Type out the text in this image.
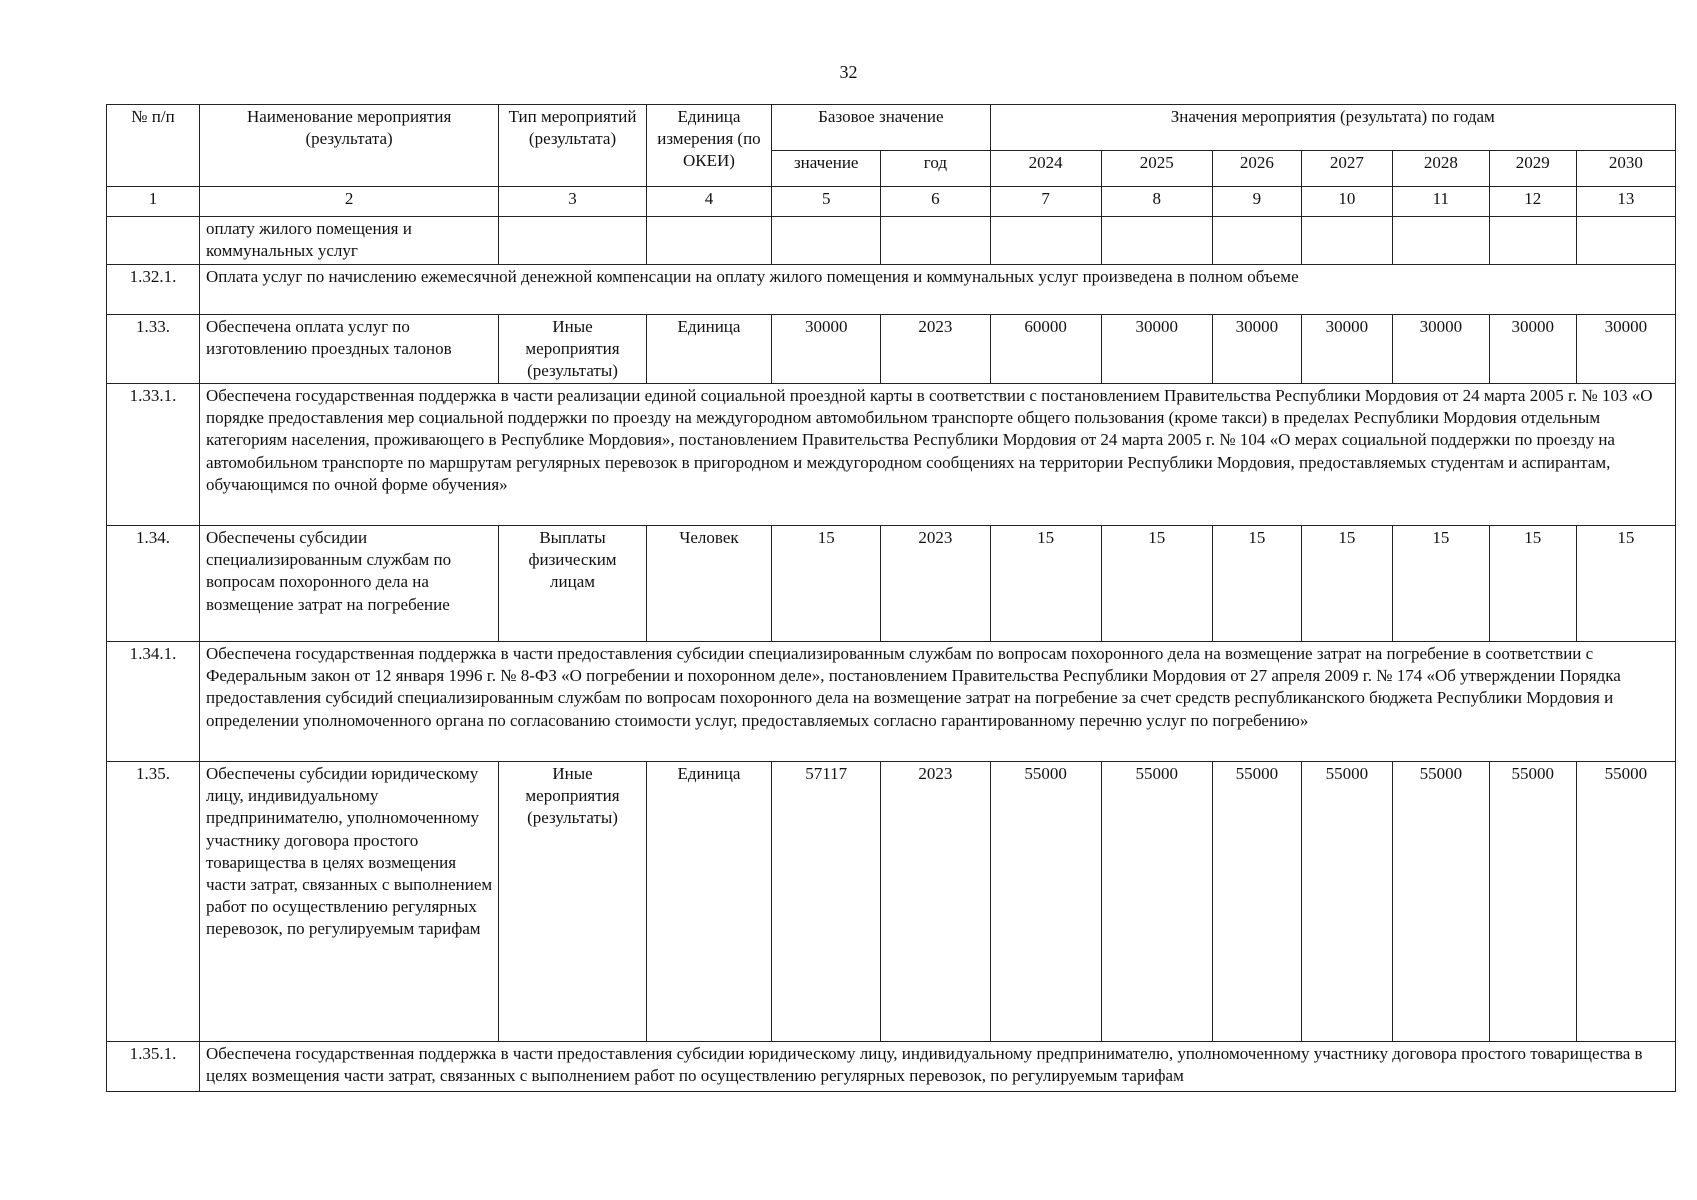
32
№ п/п	Наименование мероприятия (результата)	Тип мероприятий (результата)	Единица измерения (по ОКЕИ)	Базовое значение		Значения мероприятия (результата) по годам						
				значение	год	2024	2025	2026	2027	2028	2029	2030
1	2	3	4	5	6	7	8	9	10	11	12	13
	оплату жилого помещения и коммунальных услуг											
1.32.1.	Оплата услуг по начислению ежемесячной денежной компенсации на оплату жилого помещения и коммунальных услуг произведена в полном объеме											
1.33.	Обеспечена оплата услуг по изготовлению проездных талонов	Иные мероприятия (результаты)	Единица	30000	2023	60000	30000	30000	30000	30000	30000	30000
1.33.1.	Обеспечена государственная поддержка в части реализации единой социальной проездной карты в соответствии с постановлением Правительства Республики Мордовия от 24 марта 2005 г. № 103 «О порядке предоставления мер социальной поддержки по проезду на междугородном автомобильном транспорте общего пользования (кроме такси) в пределах Республики Мордовия отдельным категориям населения, проживающего в Республике Мордовия», постановлением Правительства Республики Мордовия от 24 марта 2005 г. № 104 «О мерах социальной поддержки по проезду на автомобильном транспорте по маршрутам регулярных перевозок в пригородном и междугородном сообщениях на территории Республики Мордовия, предоставляемых студентам и аспирантам, обучающимся по очной форме обучения»											
1.34.	Обеспечены субсидии специализированным службам по вопросам похоронного дела на возмещение затрат на погребение	Выплаты физическим лицам	Человек	15	2023	15	15	15	15	15	15	15
1.34.1.	Обеспечена государственная поддержка в части предоставления субсидии специализированным службам по вопросам похоронного дела на возмещение затрат на погребение в соответствии с Федеральным закон от 12 января 1996 г. № 8-ФЗ «О погребении и похоронном деле», постановлением Правительства Республики Мордовия от 27 апреля 2009 г. № 174 «Об утверждении Порядка предоставления субсидий специализированным службам по вопросам похоронного дела на возмещение затрат на погребение за счет средств республиканского бюджета Республики Мордовия и определении уполномоченного органа по согласованию стоимости услуг, предоставляемых согласно гарантированному перечню услуг по погребению»											
1.35.	Обеспечены субсидии юридическому лицу, индивидуальному предпринимателю, уполномоченному участнику договора простого товарищества в целях возмещения части затрат, связанных с выполнением работ по осуществлению регулярных перевозок, по регулируемым тарифам	Иные мероприятия (результаты)	Единица	57117	2023	55000	55000	55000	55000	55000	55000	55000
1.35.1.	Обеспечена государственная поддержка в части предоставления субсидии юридическому лицу, индивидуальному предпринимателю, уполномоченному участнику договора простого товарищества в целях возмещения части затрат, связанных с выполнением работ по осуществлению регулярных перевозок, по регулируемым тарифам											
